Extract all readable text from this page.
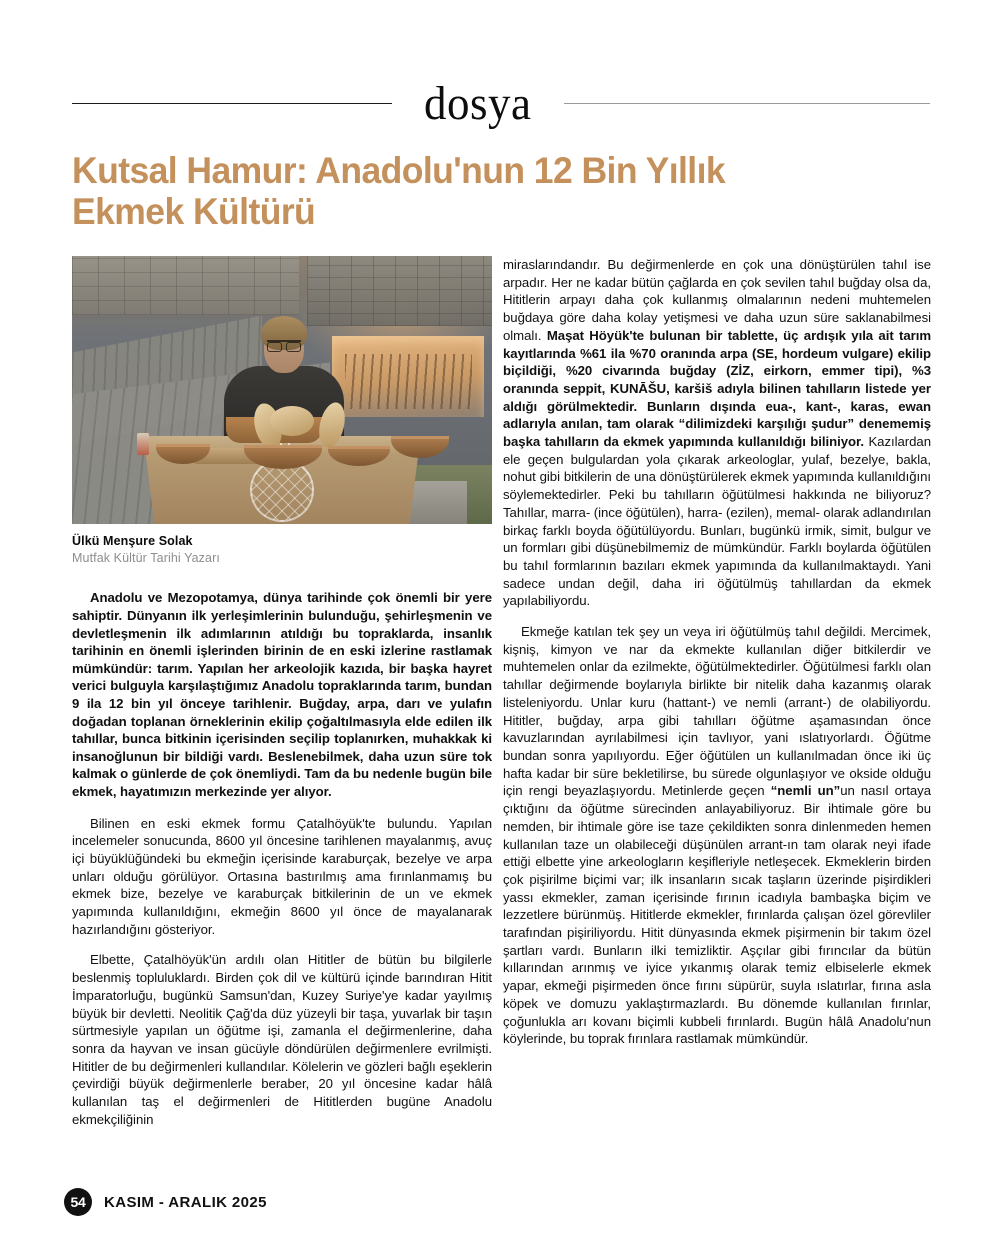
dosya
Kutsal Hamur: Anadolu'nun 12 Bin Yıllık
Ekmek Kültürü
Ülkü Menşure Solak
Mutfak Kültür Tarihi Yazarı
Anadolu ve Mezopotamya, dünya tarihinde çok önemli bir yere sahiptir. Dünyanın ilk yerleşimlerinin bulunduğu, şehirleşmenin ve devletleşmenin ilk adımlarının atıldığı bu topraklarda, insanlık tarihinin en önemli işlerinden birinin de en eski izlerine rastlamak mümkündür: tarım. Yapılan her arkeolojik kazıda, bir başka hayret verici bulguyla karşılaştığımız Anadolu topraklarında tarım, bundan 9 ila 12 bin yıl önceye tarihlenir. Buğday, arpa, darı ve yulafın doğadan toplanan örneklerinin ekilip çoğaltılmasıyla elde edilen ilk tahıllar, bunca bitkinin içerisinden seçilip toplanırken, muhakkak ki insanoğlunun bir bildiği vardı. Beslenebilmek, daha uzun süre tok kalmak o günlerde de çok önemliydi. Tam da bu nedenle bugün bile ekmek, hayatımızın merkezinde yer alıyor.

Bilinen en eski ekmek formu Çatalhöyük'te bulundu. Yapılan incelemeler sonucunda, 8600 yıl öncesine tarihlenen mayalanmış, avuç içi büyüklüğündeki bu ekmeğin içerisinde karaburçak, bezelye ve arpa unları olduğu görülüyor. Ortasına bastırılmış ama fırınlanmamış bu ekmek bize, bezelye ve karaburçak bitkilerinin de un ve ekmek yapımında kullanıldığını, ekmeğin 8600 yıl önce de mayalanarak hazırlandığını gösteriyor.

Elbette, Çatalhöyük'ün ardılı olan Hititler de bütün bu bilgilerle beslenmiş topluluklardı. Birden çok dil ve kültürü içinde barındıran Hitit İmparatorluğu, bugünkü Samsun'dan, Kuzey Suriye'ye kadar yayılmış büyük bir devletti. Neolitik Çağ'da düz yüzeyli bir taşa, yuvarlak bir taşın sürtmesiyle yapılan un öğütme işi, zamanla el değirmenlerine, daha sonra da hayvan ve insan gücüyle döndürülen değirmenlere evrilmişti. Hititler de bu değirmenleri kullandılar. Kölelerin ve gözleri bağlı eşeklerin çevirdiği büyük değirmenlerle beraber, 20 yıl öncesine kadar hâlâ kullanılan taş el değirmenleri de Hititlerden bugüne Anadolu ekmekçiliğinin

miraslarındandır. Bu değirmenlerde en çok una dönüştürülen tahıl ise arpadır. Her ne kadar bütün çağlarda en çok sevilen tahıl buğday olsa da, Hititlerin arpayı daha çok kullanmış olmalarının nedeni muhtemelen buğdaya göre daha kolay yetişmesi ve daha uzun süre saklanabilmesi olmalı. Maşat Höyük'te bulunan bir tablette, üç ardışık yıla ait tarım kayıtlarında %61 ila %70 oranında arpa (SE, hordeum vulgare) ekilip biçildiği, %20 civarında buğday (ZİZ, eirkorn, emmer tipi), %3 oranında seppit, KUNĀŠU, karšiš adıyla bilinen tahılların listede yer aldığı görülmektedir. Bunların dışında eua-, kant-, karas, ewan adlarıyla anılan, tam olarak “dilimizdeki karşılığı şudur” denememiş başka tahılların da ekmek yapımında kullanıldığı biliniyor. Kazılardan ele geçen bulgulardan yola çıkarak arkeologlar, yulaf, bezelye, bakla, nohut gibi bitkilerin de una dönüştürülerek ekmek yapımında kullanıldığını söylemektedirler. Peki bu tahılların öğütülmesi hakkında ne biliyoruz? Tahıllar, marra- (ince öğütülen), harra- (ezilen), memal- olarak adlandırılan birkaç farklı boyda öğütülüyordu. Bunları, bugünkü irmik, simit, bulgur ve un formları gibi düşünebilmemiz de mümkündür. Farklı boylarda öğütülen bu tahıl formlarının bazıları ekmek yapımında da kullanılmaktaydı. Yani sadece undan değil, daha iri öğütülmüş tahıllardan da ekmek yapılabiliyordu.

Ekmeğe katılan tek şey un veya iri öğütülmüş tahıl değildi. Mercimek, kişniş, kimyon ve nar da ekmekte kullanılan diğer bitkilerdir ve muhtemelen onlar da ezilmekte, öğütülmektedirler. Öğütülmesi farklı olan tahıllar değirmende boylarıyla birlikte bir nitelik daha kazanmış olarak listeleniyordu. Unlar kuru (hattant-) ve nemli (arrant-) de olabiliyordu. Hititler, buğday, arpa gibi tahılları öğütme aşamasından önce kavuzlarından ayrılabilmesi için tavlıyor, yani ıslatıyorlardı. Öğütme bundan sonra yapılıyordu. Eğer öğütülen un kullanılmadan önce iki üç hafta kadar bir süre bekletilirse, bu sürede olgunlaşıyor ve okside olduğu için rengi beyazlaşıyordu. Metinlerde geçen “nemli un”un nasıl ortaya çıktığını da öğütme sürecinden anlayabiliyoruz. Bir ihtimale göre bu nemden, bir ihtimale göre ise taze çekildikten sonra dinlenmeden hemen kullanılan taze un olabileceği düşünülen arrant-ın tam olarak neyi ifade ettiği elbette yine arkeologların keşifleriyle netleşecek. Ekmeklerin birden çok pişirilme biçimi var; ilk insanların sıcak taşların üzerinde pişirdikleri yassı ekmekler, zaman içerisinde fırının icadıyla bambaşka biçim ve lezzetlere bürünmüş. Hititlerde ekmekler, fırınlarda çalışan özel görevliler tarafından pişiriliyordu. Hitit dünyasında ekmek pişirmenin bir takım özel şartları vardı. Bunların ilki temizliktir. Aşçılar gibi fırıncılar da bütün kıllarından arınmış ve iyice yıkanmış olarak temiz elbiselerle ekmek yapar, ekmeği pişirmeden önce fırını süpürür, suyla ıslatırlar, fırına asla köpek ve domuzu yaklaştırmazlardı. Bu dönemde kullanılan fırınlar, çoğunlukla arı kovanı biçimli kubbeli fırınlardı. Bugün hâlâ Anadolu'nun köylerinde, bu toprak fırınlara rastlamak mümkündür.

54	KASIM - ARALIK 2025
